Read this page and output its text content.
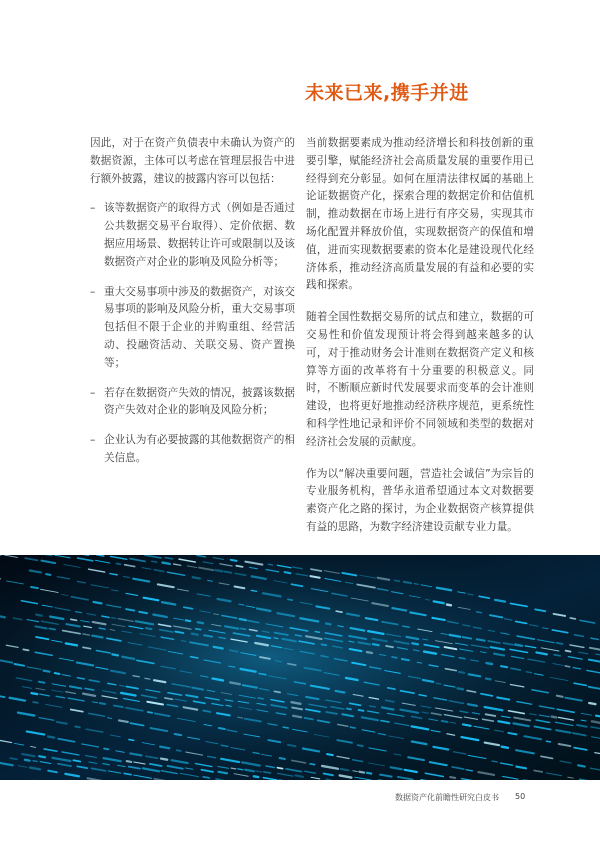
未来已来,携手并进

因此，对于在资产负债表中未确认为资产的数据资源，主体可以考虑在管理层报告中进行额外披露，建议的披露内容可以包括：

– 该等数据资产的取得方式（例如是否通过公共数据交易平台取得）、定价依据、数据应用场景、数据转让许可或限制以及该数据资产对企业的影响及风险分析等；
– 重大交易事项中涉及的数据资产，对该交易事项的影响及风险分析，重大交易事项包括但不限于企业的并购重组、经营活动、投融资活动、关联交易、资产置换等；
– 若存在数据资产失效的情况，披露该数据资产失效对企业的影响及风险分析；
– 企业认为有必要披露的其他数据资产的相关信息。

当前数据要素成为推动经济增长和科技创新的重要引擎，赋能经济社会高质量发展的重要作用已经得到充分彰显。如何在厘清法律权属的基础上论证数据资产化，探索合理的数据定价和估值机制，推动数据在市场上进行有序交易，实现其市场化配置并释放价值，实现数据资产的保值和增值，进而实现数据要素的资本化是建设现代化经济体系，推动经济高质量发展的有益和必要的实践和探索。

随着全国性数据交易所的试点和建立，数据的可交易性和价值发现预计将会得到越来越多的认可，对于推动财务会计准则在数据资产定义和核算等方面的改革将有十分重要的积极意义。同时，不断顺应新时代发展要求而变革的会计准则建设，也将更好地推动经济秩序规范，更系统性和科学性地记录和评价不同领域和类型的数据对经济社会发展的贡献度。

作为以“解决重要问题，营造社会诚信”为宗旨的专业服务机构，普华永道希望通过本文对数据要素资产化之路的探讨，为企业数据资产核算提供有益的思路，为数字经济建设贡献专业力量。

数据资产化前瞻性研究白皮书 50
